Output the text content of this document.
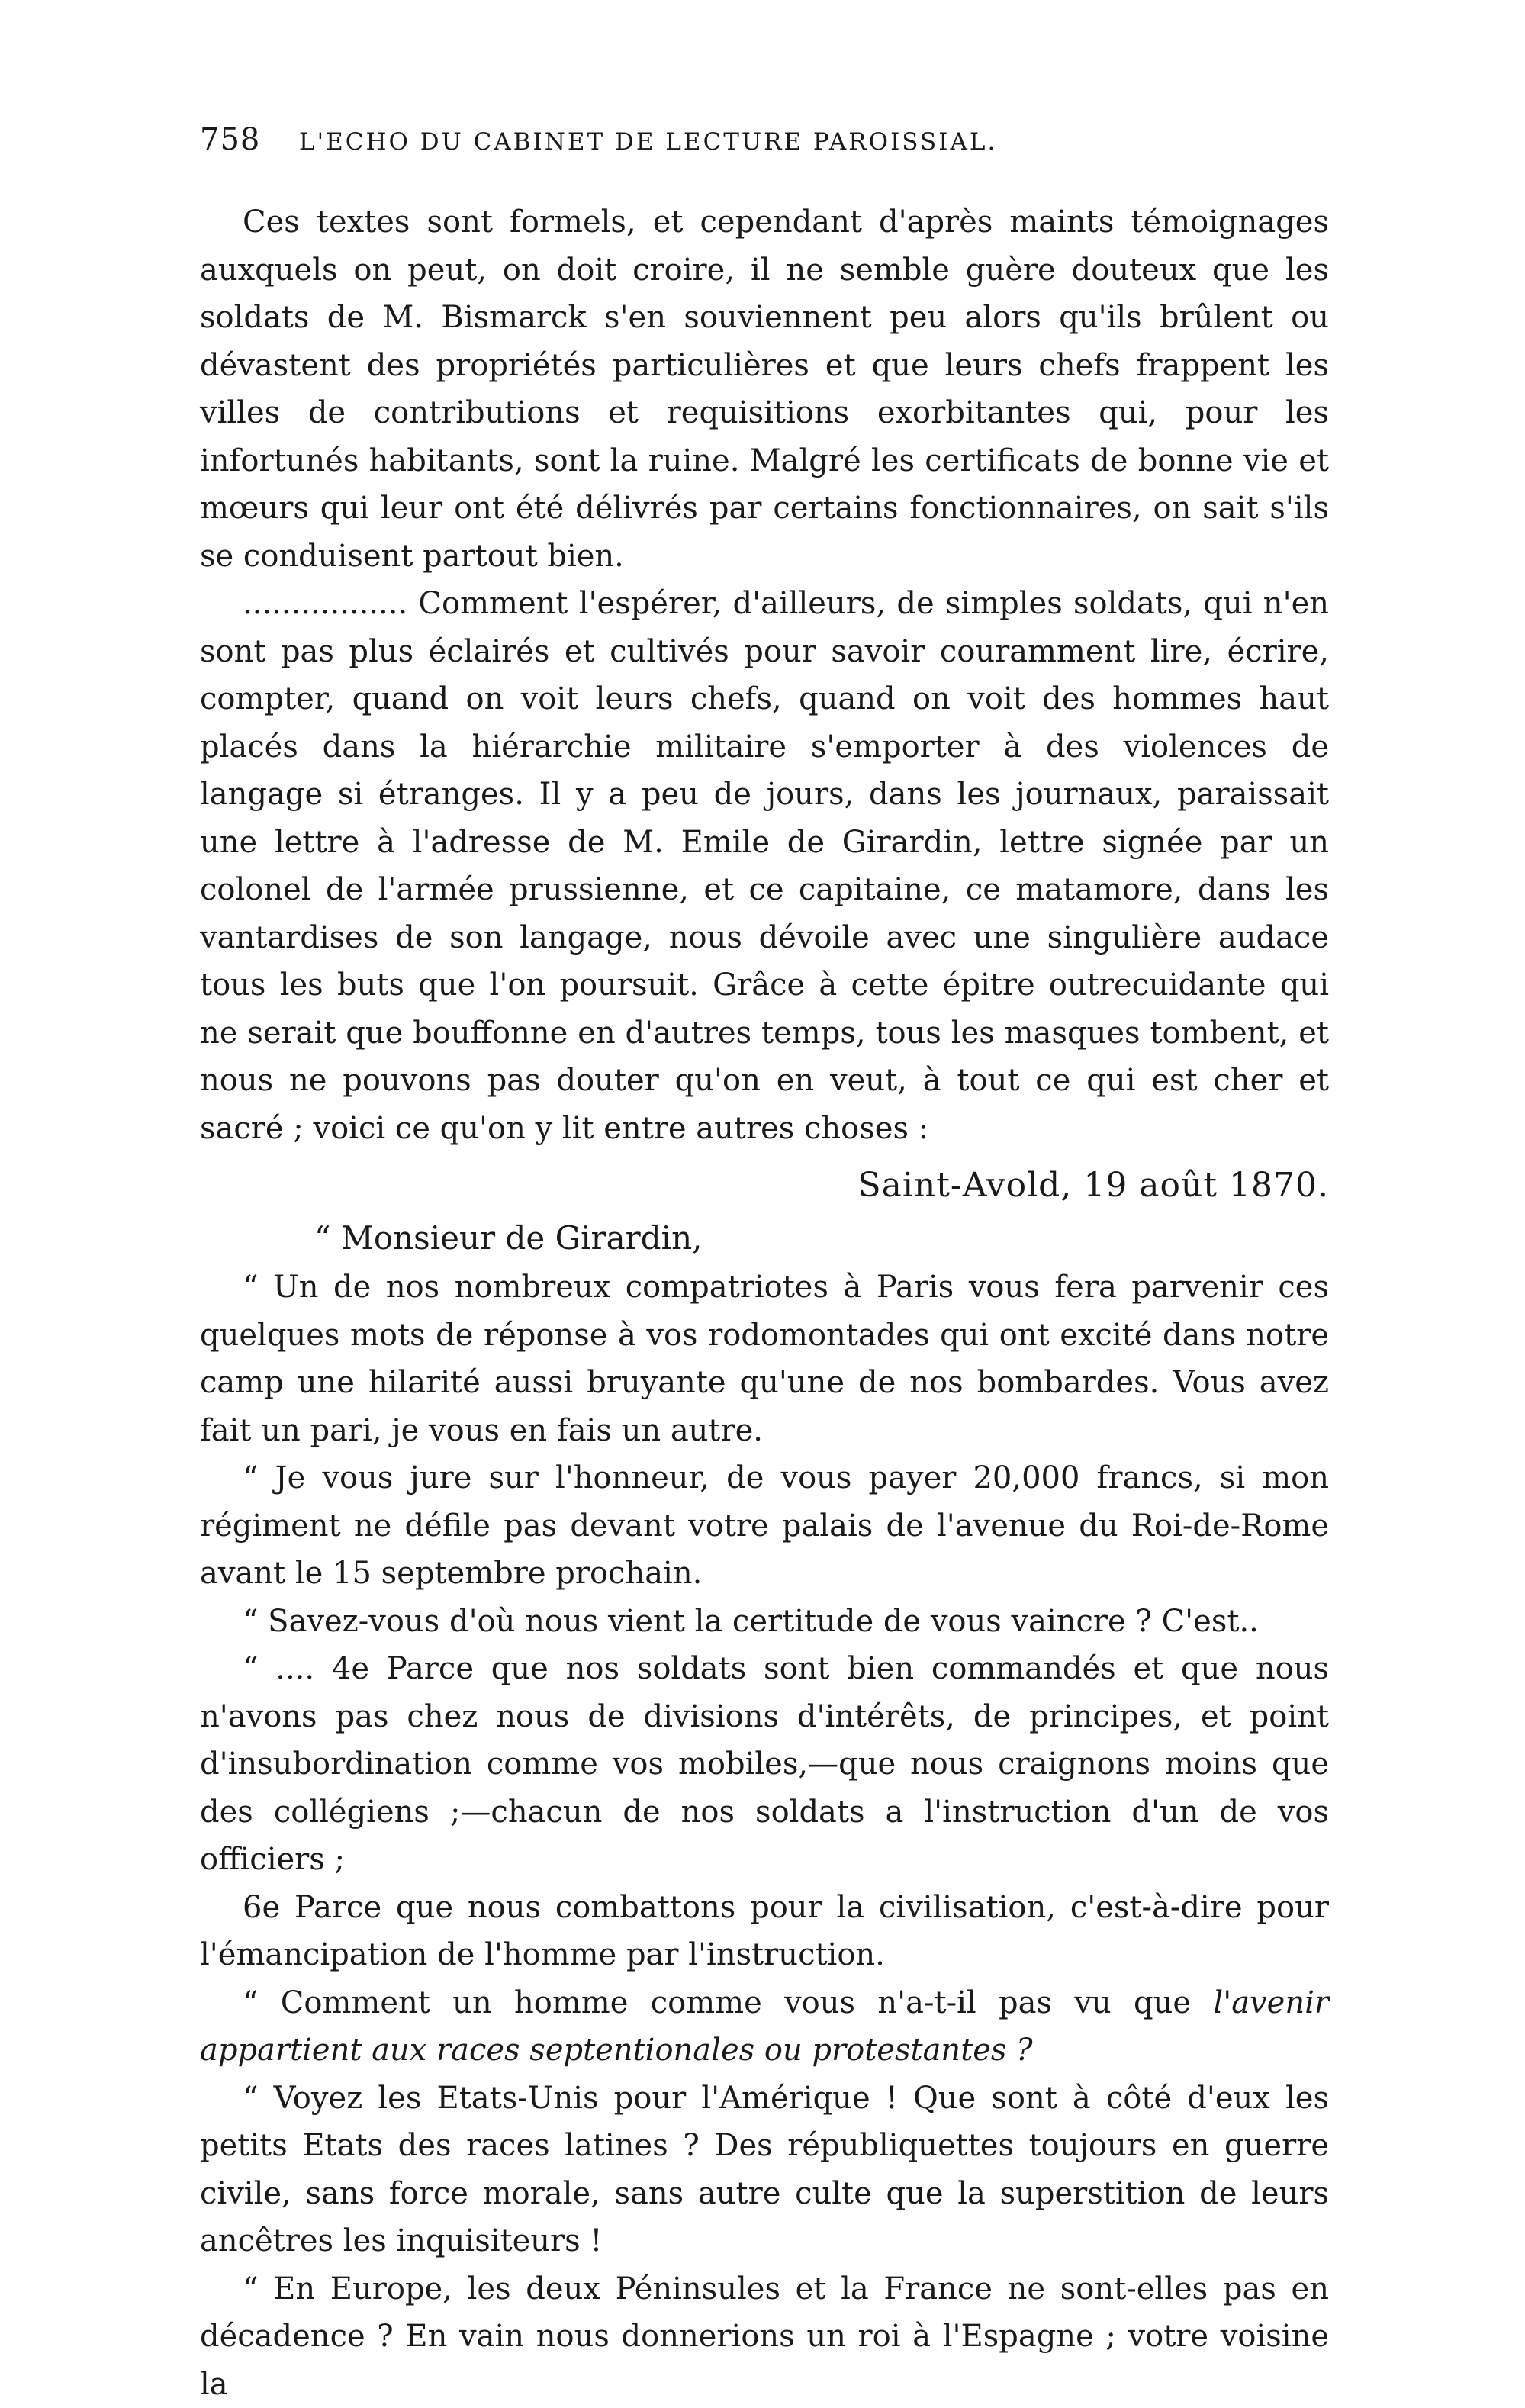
758	L'ECHO DU CABINET DE LECTURE PAROISSIAL.

Ces textes sont formels, et cependant d'après maints témoignages auxquels on peut, on doit croire, il ne semble guère douteux que les soldats de M. Bismarck s'en souviennent peu alors qu'ils brûlent ou dévastent des propriétés particulières et que leurs chefs frappent les villes de contributions et requisitions exorbitantes qui, pour les infortunés habitants, sont la ruine. Malgré les certificats de bonne vie et mœurs qui leur ont été délivrés par certains fonctionnaires, on sait s'ils se conduisent partout bien.

................. Comment l'espérer, d'ailleurs, de simples soldats, qui n'en sont pas plus éclairés et cultivés pour savoir couramment lire, écrire, compter, quand on voit leurs chefs, quand on voit des hommes haut placés dans la hiérarchie militaire s'emporter à des violences de langage si étranges. Il y a peu de jours, dans les journaux, paraissait une lettre à l'adresse de M. Emile de Girardin, lettre signée par un colonel de l'armée prussienne, et ce capitaine, ce matamore, dans les vantardises de son langage, nous dévoile avec une singulière audace tous les buts que l'on poursuit. Grâce à cette épitre outrecuidante qui ne serait que bouffonne en d'autres temps, tous les masques tombent, et nous ne pouvons pas douter qu'on en veut, à tout ce qui est cher et sacré ; voici ce qu'on y lit entre autres choses :

Saint-Avold, 19 août 1870.

“ Monsieur de Girardin,

“ Un de nos nombreux compatriotes à Paris vous fera parvenir ces quelques mots de réponse à vos rodomontades qui ont excité dans notre camp une hilarité aussi bruyante qu'une de nos bombardes. Vous avez fait un pari, je vous en fais un autre.

“ Je vous jure sur l'honneur, de vous payer 20,000 francs, si mon régiment ne défile pas devant votre palais de l'avenue du Roi-de-Rome avant le 15 septembre prochain.

“ Savez-vous d'où nous vient la certitude de vous vaincre ? C'est..

“ .... 4e Parce que nos soldats sont bien commandés et que nous n'avons pas chez nous de divisions d'intérêts, de principes, et point d'insubordination comme vos mobiles,—que nous craignons moins que des collégiens ;—chacun de nos soldats a l'instruction d'un de vos officiers ;

6e Parce que nous combattons pour la civilisation, c'est-à-dire pour l'émancipation de l'homme par l'instruction.

“ Comment un homme comme vous n'a-t-il pas vu que l'avenir appartient aux races septentionales ou protestantes ?

“ Voyez les Etats-Unis pour l'Amérique ! Que sont à côté d'eux les petits Etats des races latines ? Des républiquettes toujours en guerre civile, sans force morale, sans autre culte que la superstition de leurs ancêtres les inquisiteurs !

“ En Europe, les deux Péninsules et la France ne sont-elles pas en décadence ? En vain nous donnerions un roi à l'Espagne ; votre voisine la
